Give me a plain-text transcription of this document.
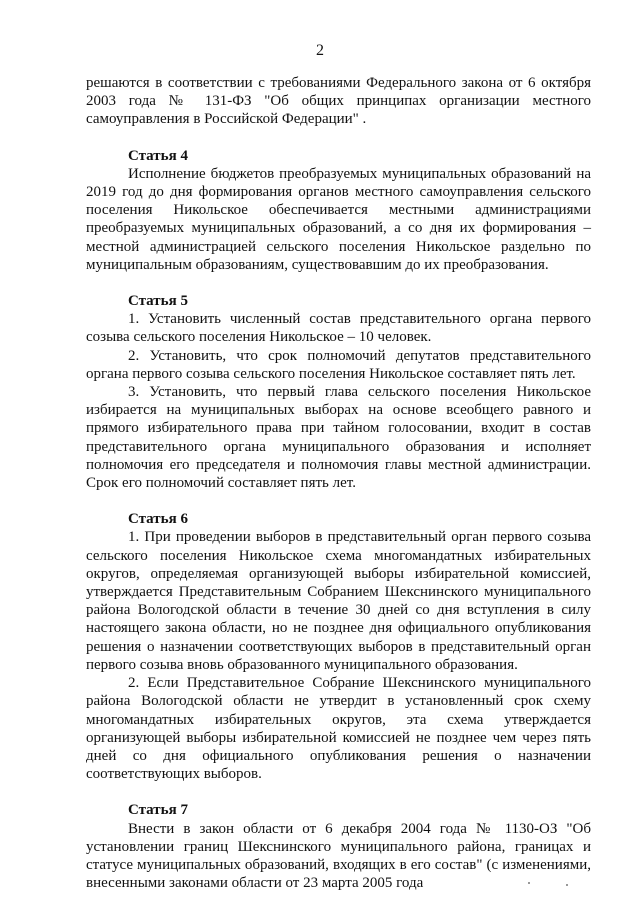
2

решаются в соответствии с требованиями Федерального закона от 6 октября 2003 года № 131-ФЗ "Об общих принципах организации местного самоуправления в Российской Федерации" .

Статья 4

Исполнение бюджетов преобразуемых муниципальных образований на 2019 год до дня формирования органов местного самоуправления сельского поселения Никольское обеспечивается местными администрациями преобразуемых муниципальных образований, а со дня их формирования – местной администрацией сельского поселения Никольское раздельно по муниципальным образованиям, существовавшим до их преобразования.

Статья 5

1. Установить численный состав представительного органа первого созыва сельского поселения Никольское – 10 человек.

2. Установить, что срок полномочий депутатов представительного органа первого созыва сельского поселения Никольское составляет пять лет.

3. Установить, что первый глава сельского поселения Никольское избирается на муниципальных выборах на основе всеобщего равного и прямого избирательного права при тайном голосовании, входит в состав представительного органа муниципального образования и исполняет полномочия его председателя и полномочия главы местной администрации. Срок его полномочий составляет пять лет.

Статья 6

1. При проведении выборов в представительный орган первого созыва сельского поселения Никольское схема многомандатных избирательных округов, определяемая организующей выборы избирательной комиссией, утверждается Представительным Собранием Шекснинского муниципального района Вологодской области в течение 30 дней со дня вступления в силу настоящего закона области, но не позднее дня официального опубликования решения о назначении соответствующих выборов в представительный орган первого созыва вновь образованного муниципального образования.

2. Если Представительное Собрание Шекснинского муниципального района Вологодской области не утвердит в установленный срок схему многомандатных избирательных округов, эта схема утверждается организующей выборы избирательной комиссией не позднее чем через пять дней со дня официального опубликования решения о назначении соответствующих выборов.

Статья 7

Внести в закон области от 6 декабря 2004 года № 1130-ОЗ "Об установлении границ Шекснинского муниципального района, границах и статусе муниципальных образований, входящих в его состав" (с изменениями, внесенными законами области от 23 марта 2005 года
